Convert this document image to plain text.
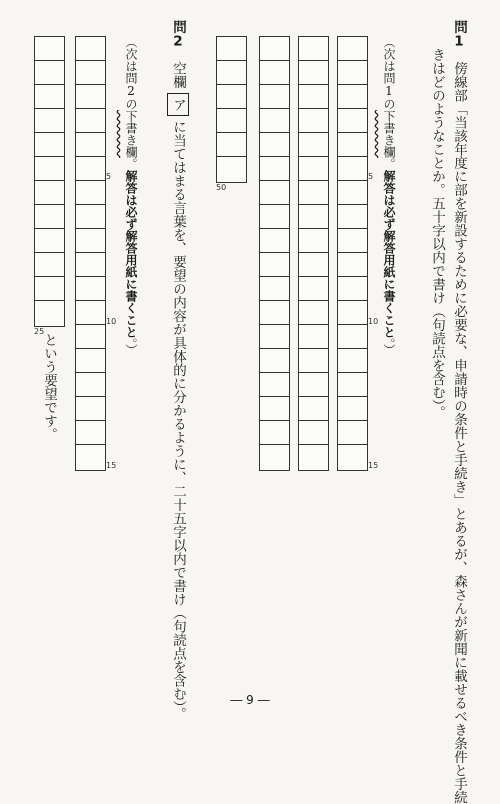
問1傍線部「当該年度に部を新設するために必要な、申請時の条件と手続き」とあるが、森さんが新聞に載せるべき条件と手続
きはどのようなことか。五十字以内で書け（句読点を含む）。
（次は問1の下書き欄。解答は必ず解答用紙に書くこと。）
5
10
15
50
問2空欄アに当てはまる言葉を、要望の内容が具体的に分かるように、二十五字以内で書け（句読点を含む）。
（次は問2の下書き欄。解答は必ず解答用紙に書くこと。）
5
10
15
25
という要望です。
― 9 ―
